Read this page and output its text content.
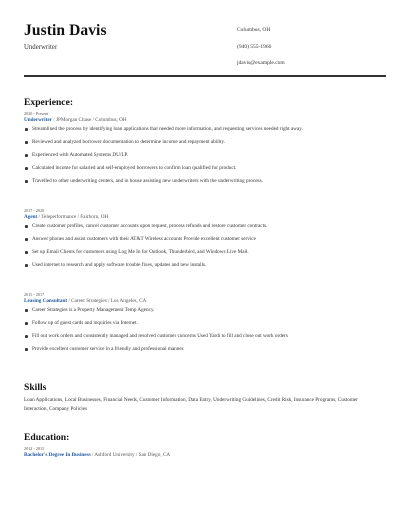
Justin Davis
Underwriter
Columbus, OH
(940) 555-1966
jdavis@example.com
Experience:
2020 - Present
Underwriter / JPMorgan Chase / Columbus, OH
Streamlined the process by identifying loan applications that needed more information, and requesting services needed right away.
Reviewed and analyzed borrower documentation to determine income and repayment ability.
Experienced with Automated Systems DU/LP.
Calculated income for salaried and self-employed borrowers to confirm loan qualified for product.
Travelled to other underwriting centers, and in house assisting new underwriters with the underwriting process.
2017 - 2020
Agent / Teleperformance / Fairborn, OH
Create customer profiles, cancel customer accounts upon request, process refunds and restore customer contracts.
Answer phones and assist customers with their AT&T Wireless accounts Provide excellent customer service
Set up Email Clients for customers using Log Me In for Outlook, Thunderbird, and Windows Live Mail.
Used internet to research and apply software trouble fixes, updates and new installs.
2015 - 2017
Leasing Consultant / Career Strategies / Los Angeles, CA
Career Strategies is a Property Management Temp Agency.
Follow up of guest cards and inquiries via Internet.
Fill out work orders and consistently managed and resolved customer concerns Used Yardi to fill and close out work orders
Provide excellent customer service in a friendly and professional manner.
Skills
Loan Applications, Local Businesses, Financial Needs, Customer Information, Data Entry, Underwriting Guidelines, Credit Risk, Insurance Programs, Customer Interaction, Company Policies
Education:
2012 - 2015
Bachelor's Degree In Business / Ashford University / San Diego, CA
